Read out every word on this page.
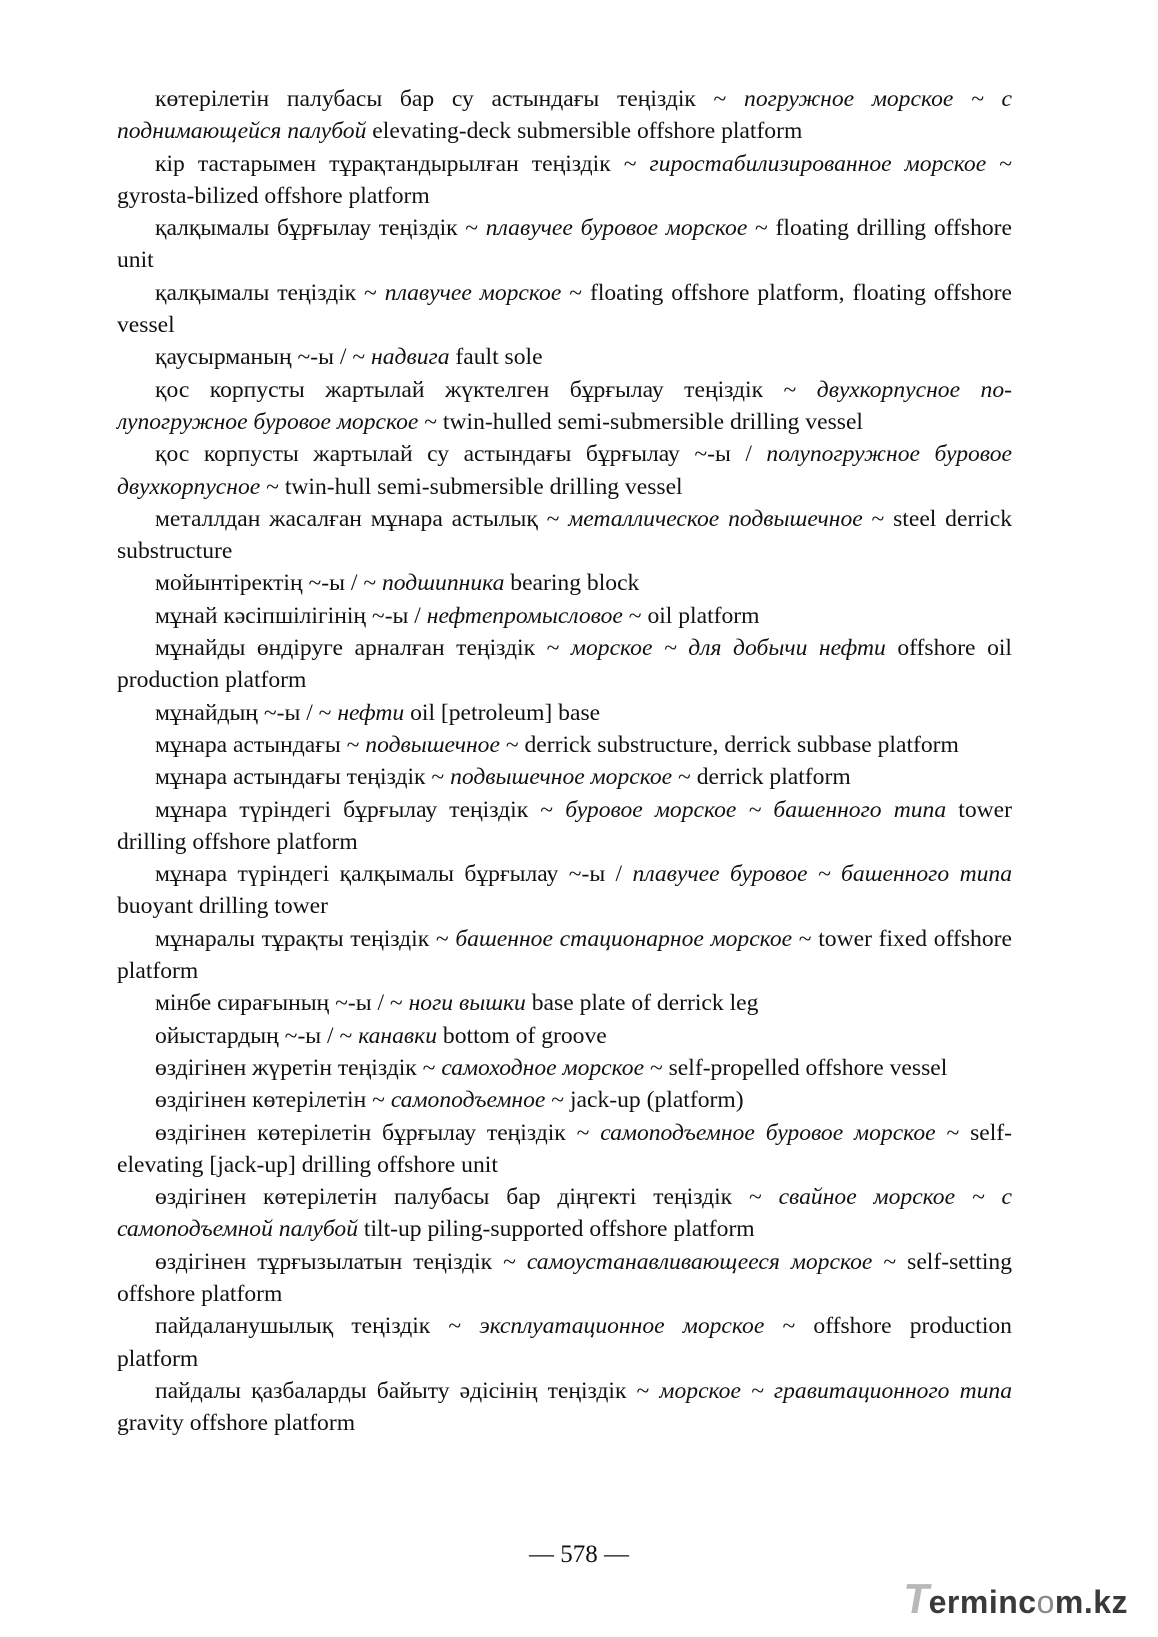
көтерілетін палубасы бар су астындағы теңіздік ~ погружное морское ~ с поднимающейся палубой elevating-deck submersible offshore platform

кір тастарымен тұрақтандырылған теңіздік ~ гиростабилизированное морское ~ gyrosta-bilized offshore platform

қалқымалы бұрғылау теңіздік ~ плавучее буровое морское ~ floating drilling offshore unit

қалқымалы теңіздік ~ плавучее морское ~ floating offshore platform, floating offshore vessel

қаусырманың ~-ы / ~ надвига fault sole

қос корпусты жартылай жүктелген бұрғылау теңіздік ~ двухкорпусное полупогружное буровое морское ~ twin-hulled semi-submersible drilling vessel

қос корпусты жартылай су астындағы бұрғылау ~-ы / полупогружное буровое двухкорпусное ~ twin-hull semi-submersible drilling vessel

металлдан жасалған мұнара астылық ~ металлическое подвышечное ~ steel derrick substructure

мойынтіректің ~-ы / ~ подшипника bearing block

мұнай кәсіпшілігінің ~-ы / нефтепромысловое ~ oil platform

мұнайды өндіруге арналған теңіздік ~ морское ~ для добычи нефти offshore oil production platform

мұнайдың ~-ы / ~ нефти oil [petroleum] base

мұнара астындағы ~ подвышечное ~ derrick substructure, derrick subbase platform

мұнара астындағы теңіздік ~ подвышечное морское ~ derrick platform

мұнара түріндегі бұрғылау теңіздік ~ буровое морское ~ башенного типа tower drilling offshore platform

мұнара түріндегі қалқымалы бұрғылау ~-ы / плавучее буровое ~ башенного типа buoyant drilling tower

мұнаралы тұрақты теңіздік ~ башенное стационарное морское ~ tower fixed offshore platform

мінбе сирағының ~-ы / ~ ноги вышки base plate of derrick leg

ойыстардың ~-ы / ~ канавки bottom of groove

өздігінен жүретін теңіздік ~ самоходное морское ~ self-propelled offshore vessel

өздігінен көтерілетін ~ самоподъемное ~ jack-up (platform)

өздігінен көтерілетін бұрғылау теңіздік ~ самоподъемное буровое морское ~ self-elevating [jack-up] drilling offshore unit

өздігінен көтерілетін палубасы бар діңгекті теңіздік ~ свайное морское ~ с самоподъемной палубой tilt-up piling-supported offshore platform

өздігінен тұрғызылатын теңіздік ~ самоустанавливающееся морское ~ self-setting offshore platform

пайдаланушылық теңіздік ~ эксплуатационное морское ~ offshore production platform

пайдалы қазбаларды байыту әдісінің теңіздік ~ морское ~ гравитационного типа gravity offshore platform

— 578 —
Termincom.kz
